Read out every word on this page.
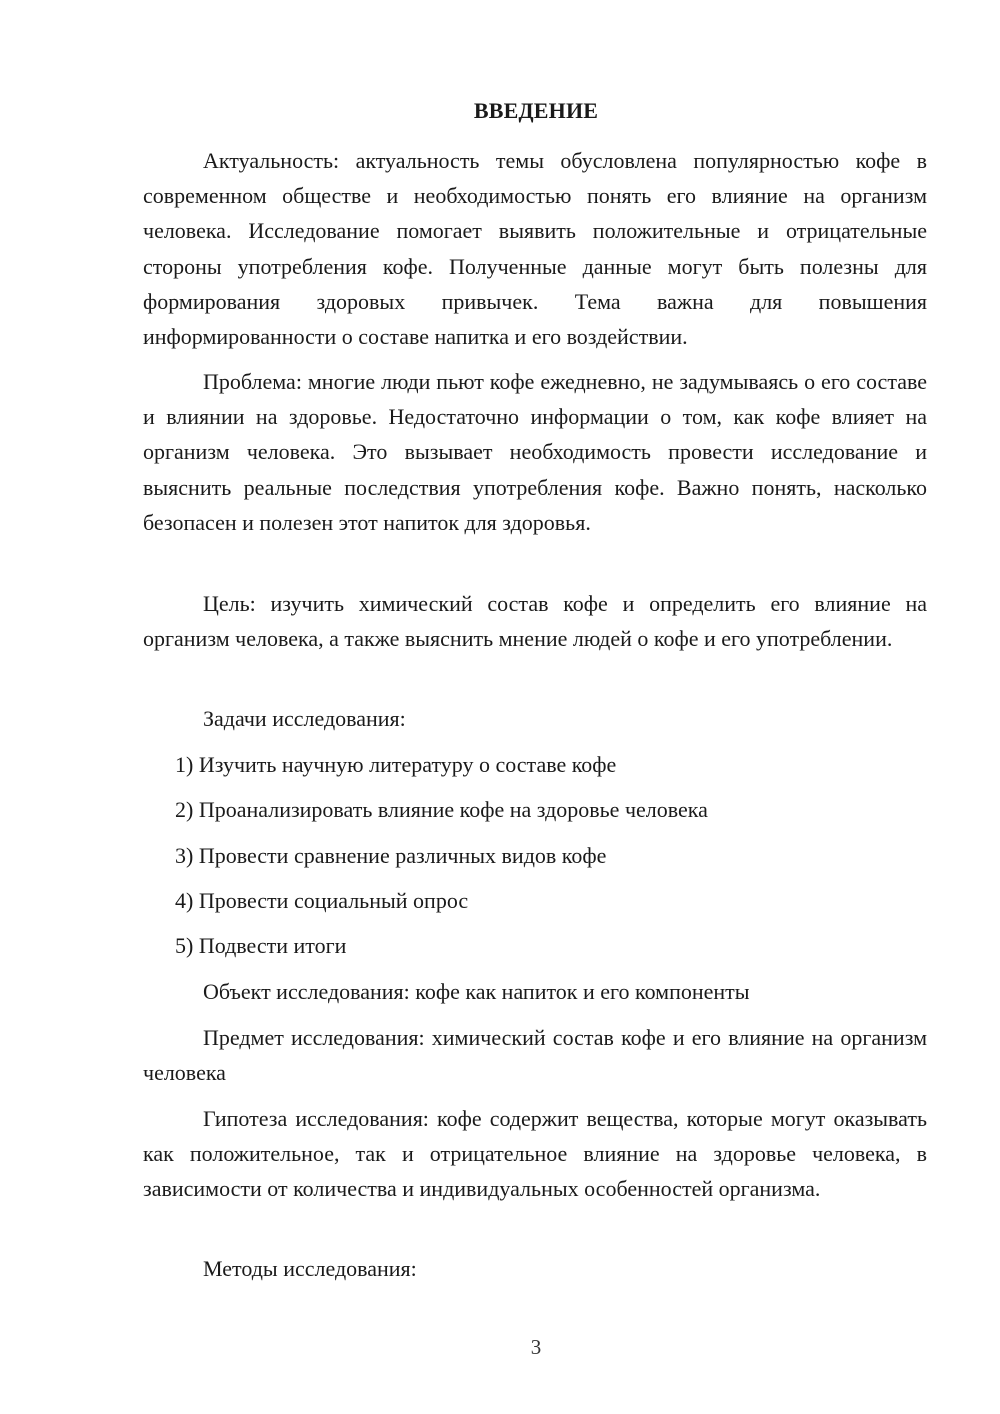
ВВЕДЕНИЕ

Актуальность: актуальность темы обусловлена популярностью кофе в современном обществе и необходимостью понять его влияние на организм человека. Исследование помогает выявить положительные и отрицательные стороны употребления кофе. Полученные данные могут быть полезны для формирования здоровых привычек. Тема важна для повышения информированности о составе напитка и его воздействии.

Проблема: многие люди пьют кофе ежедневно, не задумываясь о его составе и влиянии на здоровье. Недостаточно информации о том, как кофе влияет на организм человека. Это вызывает необходимость провести исследование и выяснить реальные последствия употребления кофе. Важно понять, насколько безопасен и полезен этот напиток для здоровья.

Цель: изучить химический состав кофе и определить его влияние на организм человека, а также выяснить мнение людей о кофе и его употреблении.

Задачи исследования:

1) Изучить научную литературу о составе кофе

2) Проанализировать влияние кофе на здоровье человека

3) Провести сравнение различных видов кофе

4) Провести социальный опрос

5) Подвести итоги

Объект исследования: кофе как напиток и его компоненты

Предмет исследования: химический состав кофе и его влияние на организм человека

Гипотеза исследования: кофе содержит вещества, которые могут оказывать как положительное, так и отрицательное влияние на здоровье человека, в зависимости от количества и индивидуальных особенностей организма.

Методы исследования:

3
